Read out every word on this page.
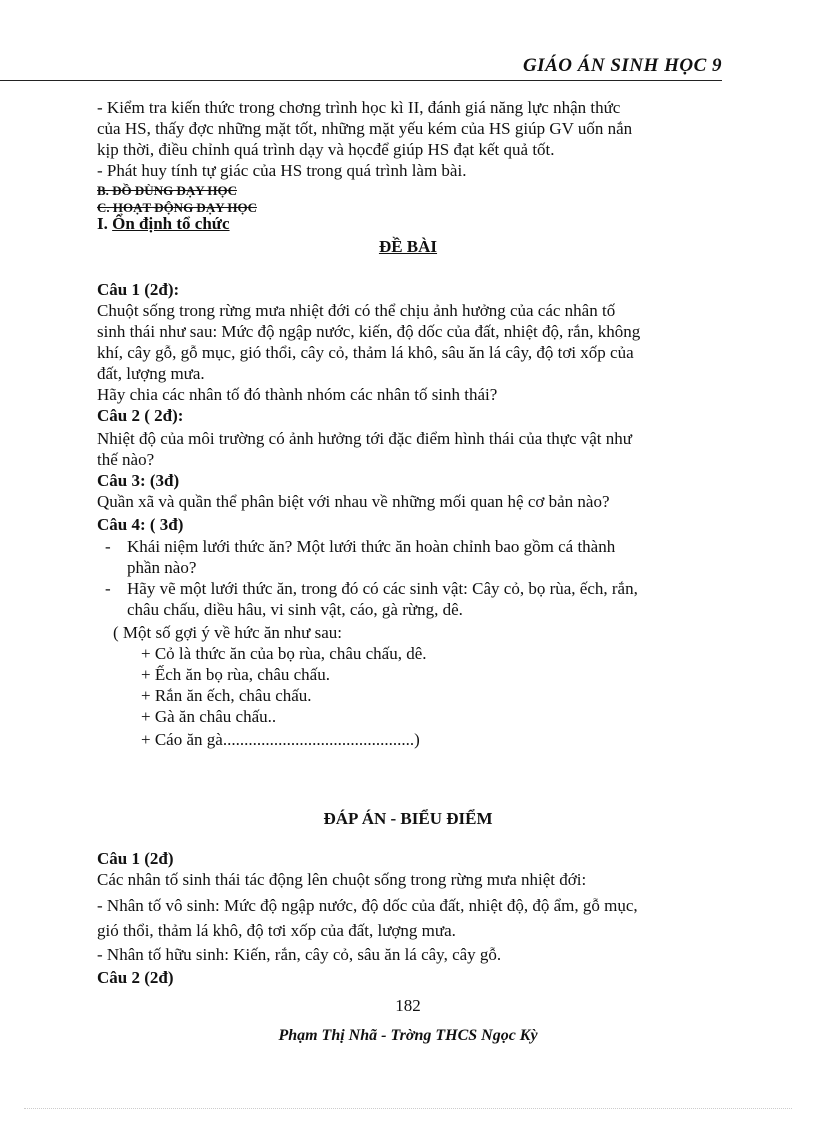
GIÁO ÁN SINH HỌC 9
- Kiểm tra kiến thức trong chơng trình học kì II, đánh giá năng lực nhận thức
của HS, thấy đợc những mặt tốt, những mặt yếu kém của HS giúp GV uốn nắn
kịp thời, điều chỉnh quá trình dạy và họcđể giúp HS đạt kết quả tốt.
- Phát huy tính tự giác của HS trong quá trình làm bài.
B. ĐỒ DÙNG DẠY HỌC
C. HOẠT ĐỘNG DẠY HỌC
I. Ổn định tổ chức
ĐỀ BÀI
Câu 1 (2đ):
Chuột sống trong rừng mưa nhiệt đới có thể chịu ảnh hưởng của các nhân tố
sinh thái như sau: Mức độ ngập nước, kiến, độ dốc của đất, nhiệt độ, rắn, không
khí, cây gỗ, gỗ mục, gió thổi, cây cỏ, thảm lá khô, sâu ăn lá cây, độ tơi xốp của
đất, lượng mưa.
Hãy chia các nhân tố đó thành nhóm các nhân tố sinh thái?
Câu 2 ( 2đ):
Nhiệt độ của môi trường có ảnh hưởng tới đặc điểm hình thái của thực vật như
thế nào?
Câu 3: (3đ)
Quần xã và quần thể phân biệt với nhau về những mối quan hệ cơ bản nào?
Câu 4: ( 3đ)
- Khái niệm lưới thức ăn? Một lưới thức ăn hoàn chỉnh bao gồm cá thành
phần nào?
- Hãy vẽ một lưới thức ăn, trong đó có các sinh vật: Cây cỏ, bọ rùa, ếch, rắn,
châu chấu, diều hâu, vi sinh vật, cáo, gà rừng, dê.
( Một số gợi ý về hức ăn như sau:
+ Cỏ là thức ăn của bọ rùa, châu chấu, dê.
+ Ếch ăn bọ rùa, châu chấu.
+ Rắn ăn ếch, châu chấu.
+ Gà ăn châu chấu..
+ Cáo ăn gà.............................................)
ĐÁP ÁN - BIỂU ĐIỂM
Câu 1 (2đ)
Các nhân tố sinh thái tác động lên chuột sống trong rừng mưa nhiệt đới:
- Nhân tố vô sinh: Mức độ ngập nước, độ dốc của đất, nhiệt độ, độ ẩm, gỗ mục,
gió thổi, thảm lá khô, độ tơi xốp của đất, lượng mưa.
- Nhân tố hữu sinh: Kiến, rắn, cây cỏ, sâu ăn lá cây, cây gỗ.
Câu 2 (2đ)
182
Phạm Thị Nhã - Trờng THCS Ngọc Kỳ
